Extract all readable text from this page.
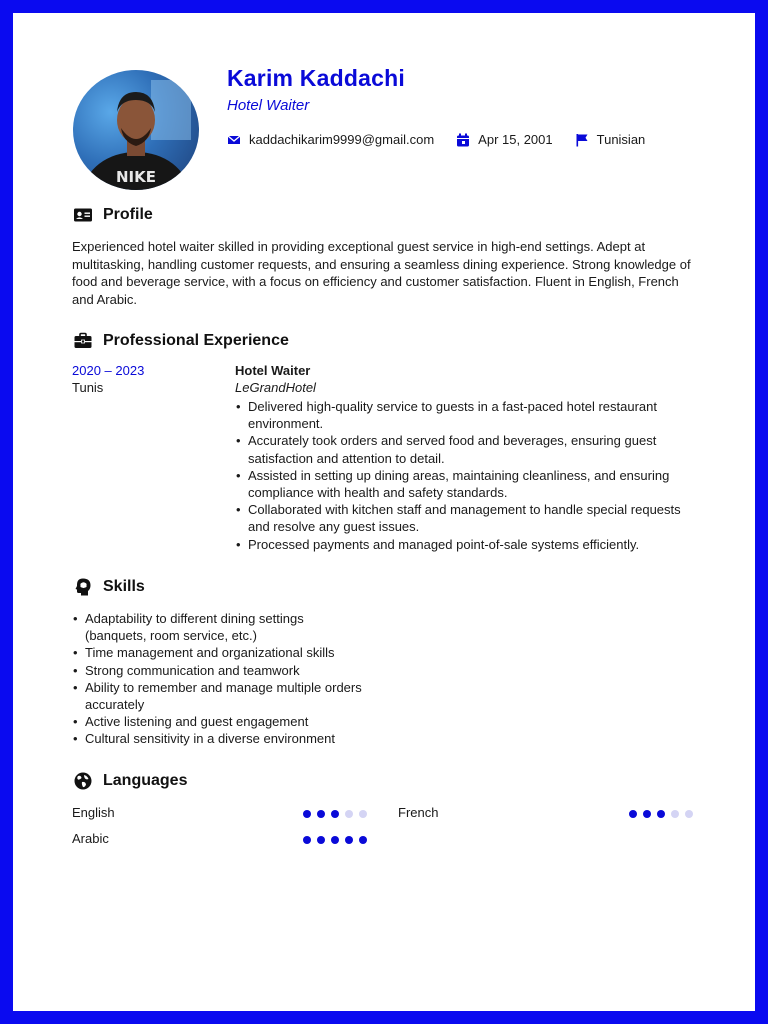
NIKE
Karim Kaddachi
Hotel Waiter
kaddachikarim9999@gmail.com	Apr 15, 2001	Tunisian
Profile
Experienced hotel waiter skilled in providing exceptional guest service in high-end settings. Adept at multitasking, handling customer requests, and ensuring a seamless dining experience. Strong knowledge of food and beverage service, with a focus on efficiency and customer satisfaction. Fluent in English, French and Arabic.
Professional Experience
2020 – 2023
Tunis
Hotel Waiter
LeGrandHotel
• Delivered high-quality service to guests in a fast-paced hotel restaurant environment.
• Accurately took orders and served food and beverages, ensuring guest satisfaction and attention to detail.
• Assisted in setting up dining areas, maintaining cleanliness, and ensuring compliance with health and safety standards.
• Collaborated with kitchen staff and management to handle special requests and resolve any guest issues.
• Processed payments and managed point-of-sale systems efficiently.
Skills
• Adaptability to different dining settings (banquets, room service, etc.)
• Time management and organizational skills
• Strong communication and teamwork
• Ability to remember and manage multiple orders accurately
• Active listening and guest engagement
• Cultural sensitivity in a diverse environment
Languages
English	French
Arabic
